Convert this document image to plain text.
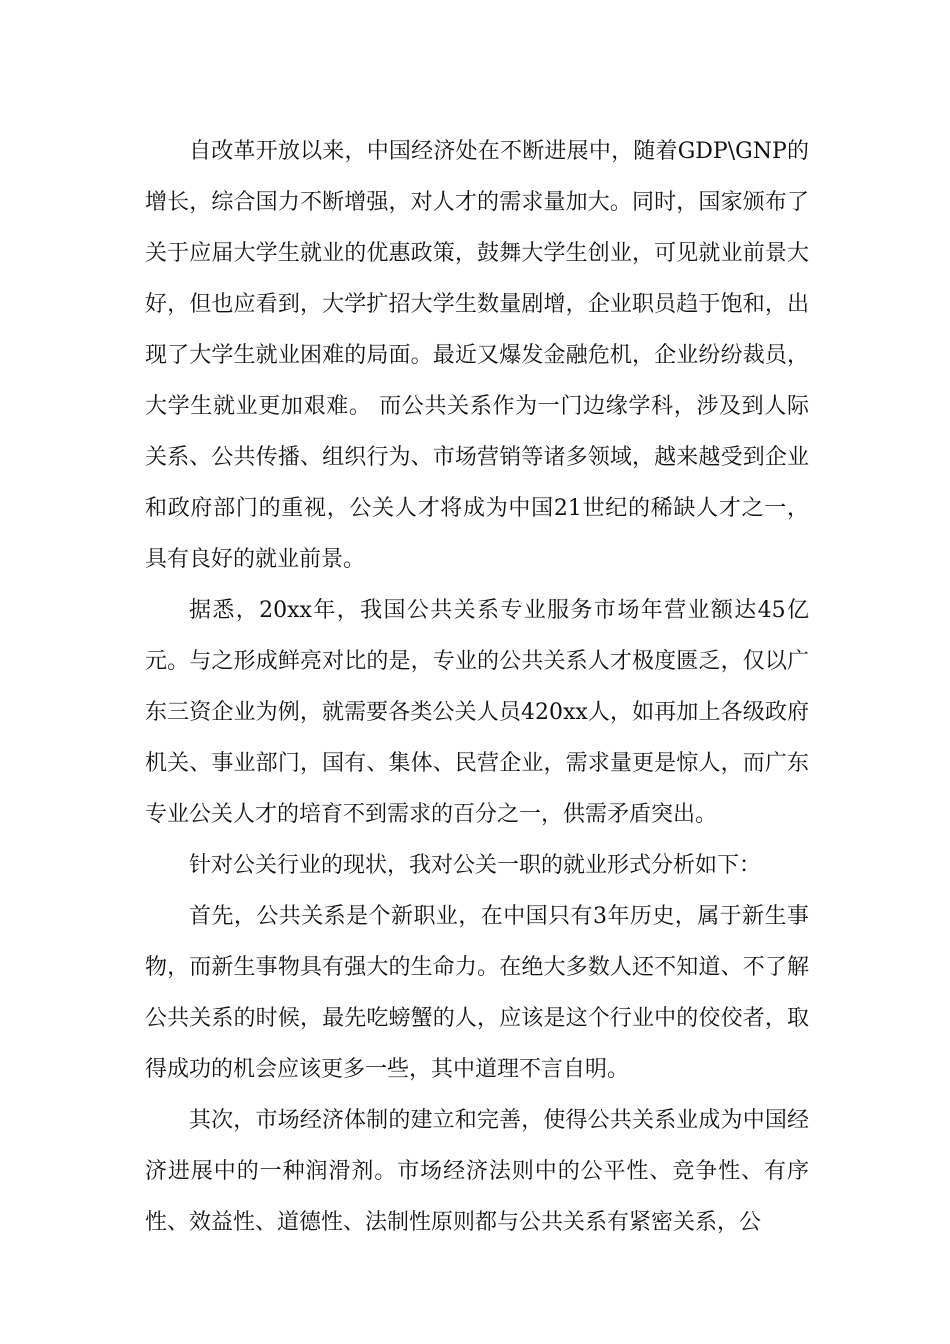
自改革开放以来，中国经济处在不断进展中，随着GDP\GNP的增长，综合国力不断增强，对人才的需求量加大。同时，国家颁布了关于应届大学生就业的优惠政策，鼓舞大学生创业，可见就业前景大好，但也应看到，大学扩招大学生数量剧增，企业职员趋于饱和，出现了大学生就业困难的局面。最近又爆发金融危机，企业纷纷裁员，大学生就业更加艰难。 而公共关系作为一门边缘学科，涉及到人际关系、公共传播、组织行为、市场营销等诸多领域，越来越受到企业和政府部门的重视，公关人才将成为中国21世纪的稀缺人才之一，具有良好的就业前景。

据悉，20xx年，我国公共关系专业服务市场年营业额达45亿元。与之形成鲜亮对比的是，专业的公共关系人才极度匮乏，仅以广东三资企业为例，就需要各类公关人员420xx人，如再加上各级政府机关、事业部门，国有、集体、民营企业，需求量更是惊人，而广东专业公关人才的培育不到需求的百分之一，供需矛盾突出。

针对公关行业的现状，我对公关一职的就业形式分析如下：

首先，公共关系是个新职业，在中国只有3年历史，属于新生事物，而新生事物具有强大的生命力。在绝大多数人还不知道、不了解公共关系的时候，最先吃螃蟹的人，应该是这个行业中的佼佼者，取得成功的机会应该更多一些，其中道理不言自明。

其次，市场经济体制的建立和完善，使得公共关系业成为中国经济进展中的一种润滑剂。市场经济法则中的公平性、竞争性、有序性、效益性、道德性、法制性原则都与公共关系有紧密关系，公
